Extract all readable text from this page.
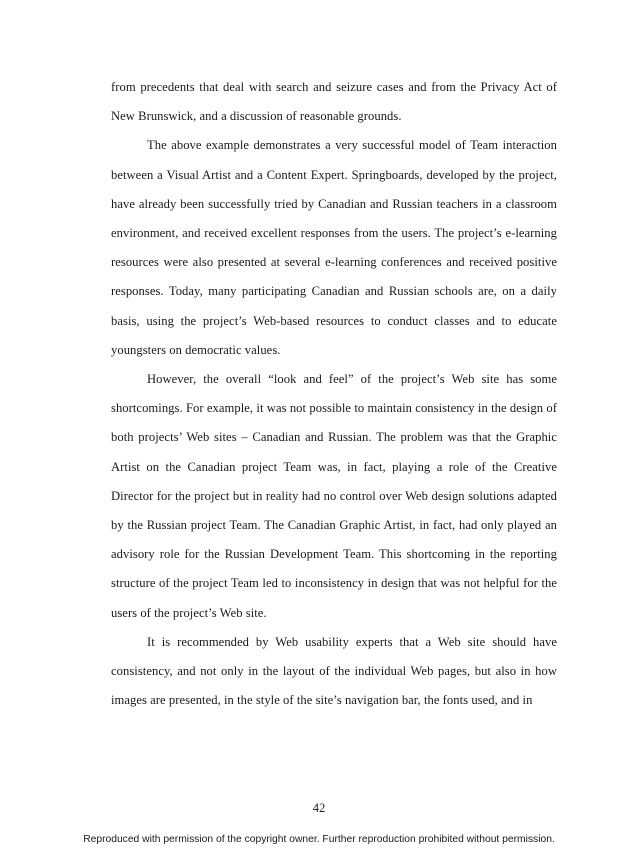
from precedents that deal with search and seizure cases and from the Privacy Act of New Brunswick, and a discussion of reasonable grounds.

The above example demonstrates a very successful model of Team interaction between a Visual Artist and a Content Expert. Springboards, developed by the project, have already been successfully tried by Canadian and Russian teachers in a classroom environment, and received excellent responses from the users. The project’s e-learning resources were also presented at several e-learning conferences and received positive responses. Today, many participating Canadian and Russian schools are, on a daily basis, using the project’s Web-based resources to conduct classes and to educate youngsters on democratic values.

However, the overall “look and feel” of the project’s Web site has some shortcomings. For example, it was not possible to maintain consistency in the design of both projects’ Web sites – Canadian and Russian. The problem was that the Graphic Artist on the Canadian project Team was, in fact, playing a role of the Creative Director for the project but in reality had no control over Web design solutions adapted by the Russian project Team. The Canadian Graphic Artist, in fact, had only played an advisory role for the Russian Development Team. This shortcoming in the reporting structure of the project Team led to inconsistency in design that was not helpful for the users of the project’s Web site.

It is recommended by Web usability experts that a Web site should have consistency, and not only in the layout of the individual Web pages, but also in how images are presented, in the style of the site’s navigation bar, the fonts used, and in

42
Reproduced with permission of the copyright owner. Further reproduction prohibited without permission.
